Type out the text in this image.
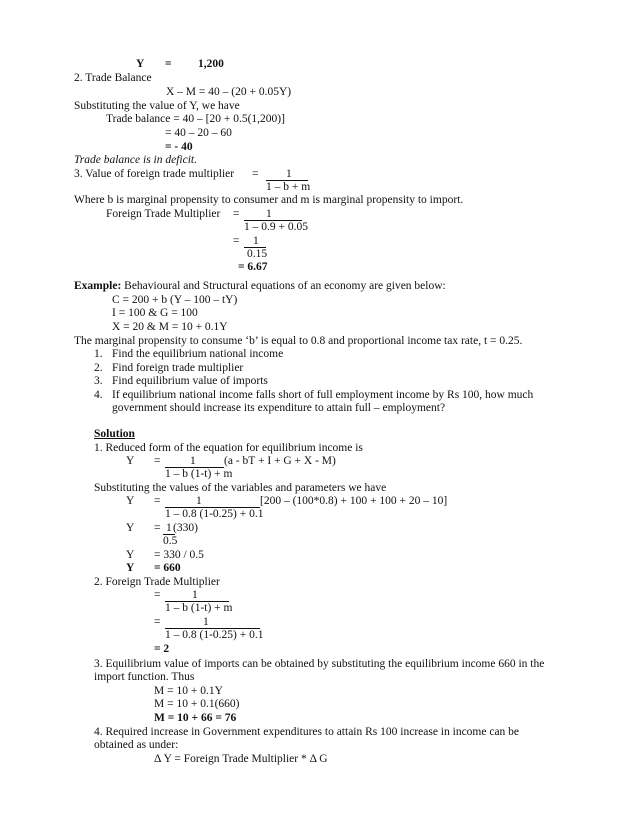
Y = 1,200
2. Trade Balance
X – M = 40 – (20 + 0.05Y)
Substituting the value of Y, we have
Trade balance = 40 – [20 + 0.5(1,200)]
= 40 – 20 – 60
= - 40
Trade balance is in deficit.
3. Value of foreign trade multiplier = 1
1 – b + m
Where b is marginal propensity to consumer and m is marginal propensity to import.
Foreign Trade Multiplier = 1
1 – 0.9 + 0.05
= 1
0.15
= 6.67
Example: Behavioural and Structural equations of an economy are given below:
C = 200 + b (Y – 100 – tY)
I = 100 & G = 100
X = 20 & M = 10 + 0.1Y
The marginal propensity to consume ‘b’ is equal to 0.8 and proportional income tax rate, t = 0.25.
1. Find the equilibrium national income
2. Find foreign trade multiplier
3. Find equilibrium value of imports
4. If equilibrium national income falls short of full employment income by Rs 100, how much
government should increase its expenditure to attain full – employment?
Solution
1. Reduced form of the equation for equilibrium income is
Y =	1 (a - bT + I + G + X - M)
1 – b (1-t) + m
Substituting the values of the variables and parameters we have
Y =	1	[200 – (100*0.8) + 100 + 100 + 20 – 10]
1 – 0.8 (1-0.25) + 0.1
Y = 1 (330)
0.5
Y = 330 / 0.5
Y = 660
2. Foreign Trade Multiplier
=	1
1 – b (1-t) + m
=	1
1 – 0.8 (1-0.25) + 0.1
= 2
3. Equilibrium value of imports can be obtained by substituting the equilibrium income 660 in the
import function. Thus
M = 10 + 0.1Y
M = 10 + 0.1(660)
M = 10 + 66 = 76
4. Required increase in Government expenditures to attain Rs 100 increase in income can be
obtained as under:
Δ Y = Foreign Trade Multiplier * Δ G
